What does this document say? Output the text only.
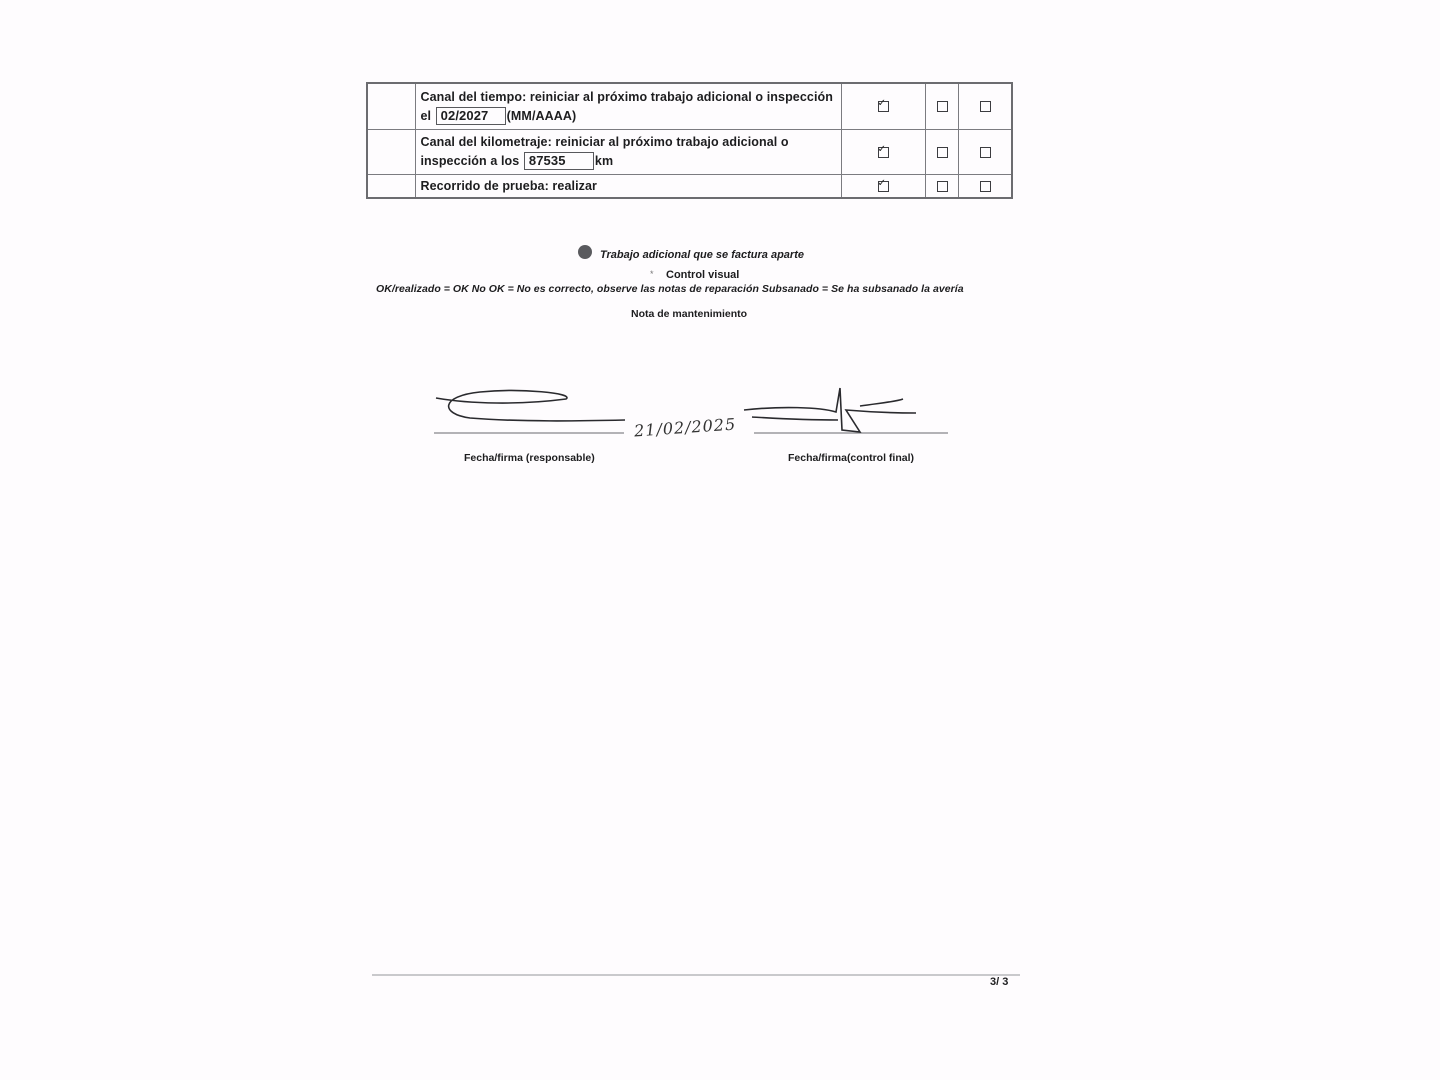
	Canal del tiempo: reiniciar al próximo trabajo adicional o inspección el 02/2027 (MM/AAAA)	✓		

	Canal del kilometraje: reiniciar al próximo trabajo adicional o inspección a los 87535 km	✓		

	Recorrido de prueba: realizar	✓		

Trabajo adicional que se factura aparte
* Control visual
OK/realizado = OK No OK = No es correcto, observe las notas de reparación Subsanado = Se ha subsanado la avería
Nota de mantenimiento
21/02/2025
Fecha/firma (responsable)	Fecha/firma(control final)
3/ 3
